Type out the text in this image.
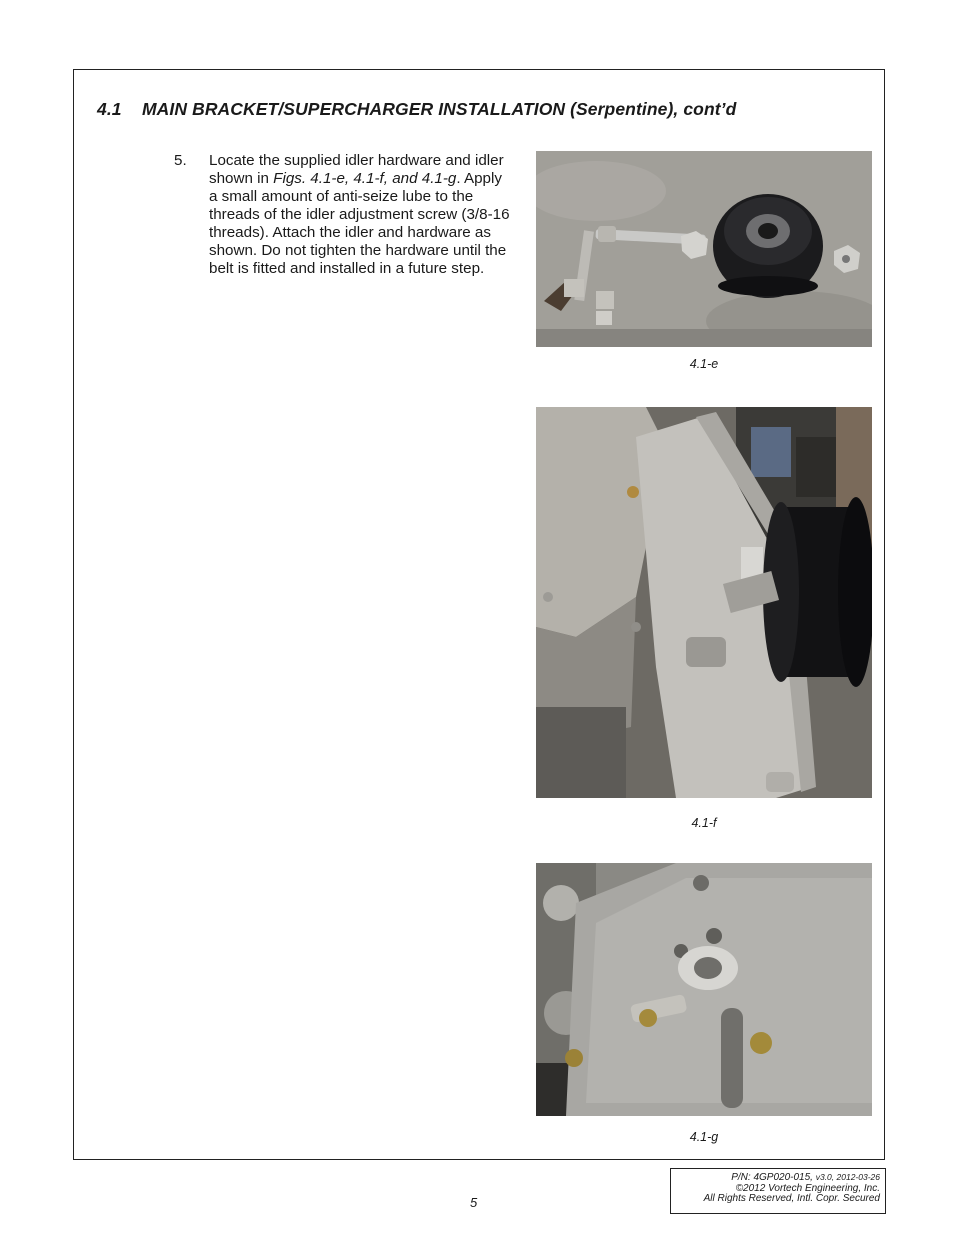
4.1 MAIN BRACKET/SUPERCHARGER INSTALLATION (Serpentine), cont’d
5. Locate the supplied idler hardware and idler shown in Figs. 4.1-e, 4.1-f, and 4.1-g. Apply a small amount of anti-seize lube to the threads of the idler adjustment screw (3/8-16 threads). Attach the idler and hardware as shown. Do not tighten the hardware until the belt is fitted and installed in a future step.
4.1-e
4.1-f
4.1-g
5
P/N: 4GP020-015, v3.0, 2012-03-26
©2012 Vortech Engineering, Inc.
All Rights Reserved, Intl. Copr. Secured
